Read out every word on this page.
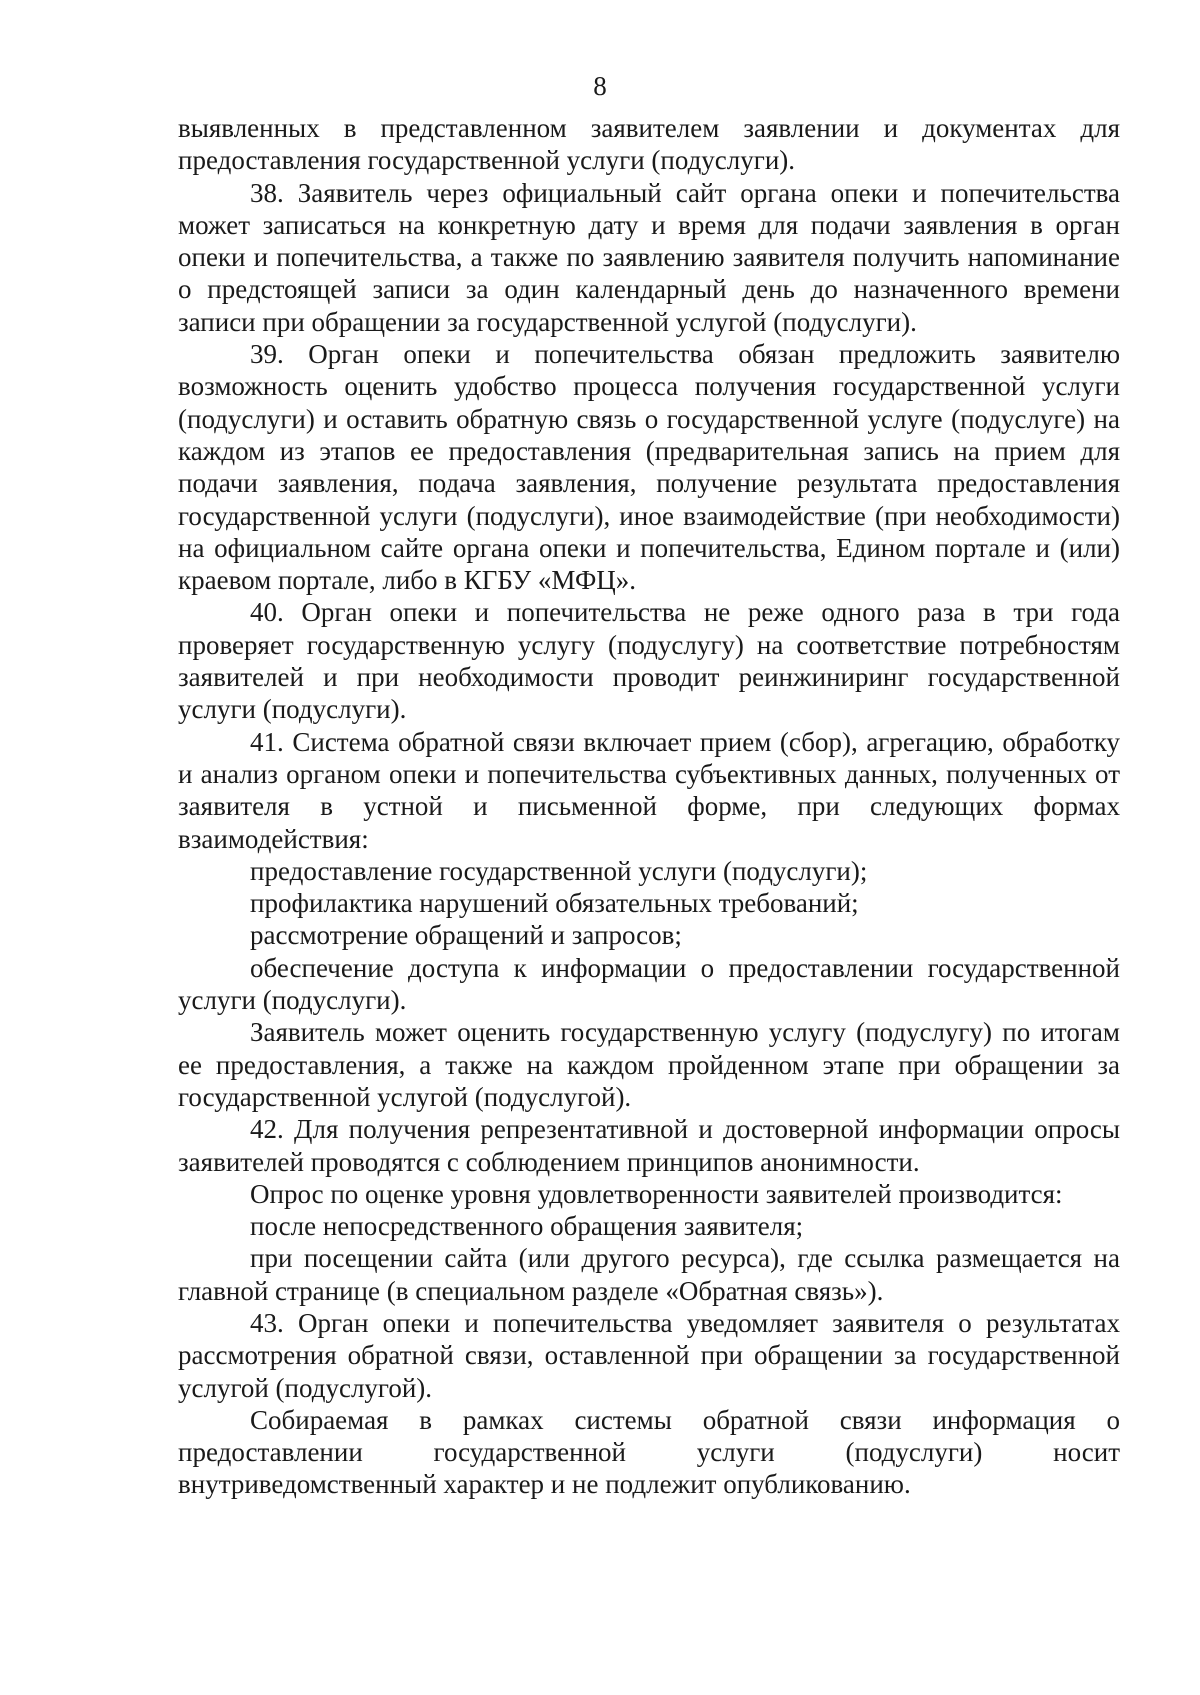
8

выявленных в представленном заявителем заявлении и документах для предоставления государственной услуги (подуслуги).

38. Заявитель через официальный сайт органа опеки и попечительства может записаться на конкретную дату и время для подачи заявления в орган опеки и попечительства, а также по заявлению заявителя получить напоминание о предстоящей записи за один календарный день до назначенного времени записи при обращении за государственной услугой (подуслуги).

39. Орган опеки и попечительства обязан предложить заявителю возможность оценить удобство процесса получения государственной услуги (подуслуги) и оставить обратную связь о государственной услуге (подуслуге) на каждом из этапов ее предоставления (предварительная запись на прием для подачи заявления, подача заявления, получение результата предоставления государственной услуги (подуслуги), иное взаимодействие (при необходимости) на официальном сайте органа опеки и попечительства, Едином портале и (или) краевом портале, либо в КГБУ «МФЦ».

40. Орган опеки и попечительства не реже одного раза в три года проверяет государственную услугу (подуслугу) на соответствие потребностям заявителей и при необходимости проводит реинжиниринг государственной услуги (подуслуги).

41. Система обратной связи включает прием (сбор), агрегацию, обработку и анализ органом опеки и попечительства субъективных данных, полученных от заявителя в устной и письменной форме, при следующих формах взаимодействия:

предоставление государственной услуги (подуслуги);

профилактика нарушений обязательных требований;

рассмотрение обращений и запросов;

обеспечение доступа к информации о предоставлении государственной услуги (подуслуги).

Заявитель может оценить государственную услугу (подуслугу) по итогам ее предоставления, а также на каждом пройденном этапе при обращении за государственной услугой (подуслугой).

42. Для получения репрезентативной и достоверной информации опросы заявителей проводятся с соблюдением принципов анонимности.

Опрос по оценке уровня удовлетворенности заявителей производится:

после непосредственного обращения заявителя;

при посещении сайта (или другого ресурса), где ссылка размещается на главной странице (в специальном разделе «Обратная связь»).

43. Орган опеки и попечительства уведомляет заявителя о результатах рассмотрения обратной связи, оставленной при обращении за государственной услугой (подуслугой).

Собираемая в рамках системы обратной связи информация о предоставлении государственной услуги (подуслуги) носит внутриведомственный характер и не подлежит опубликованию.
